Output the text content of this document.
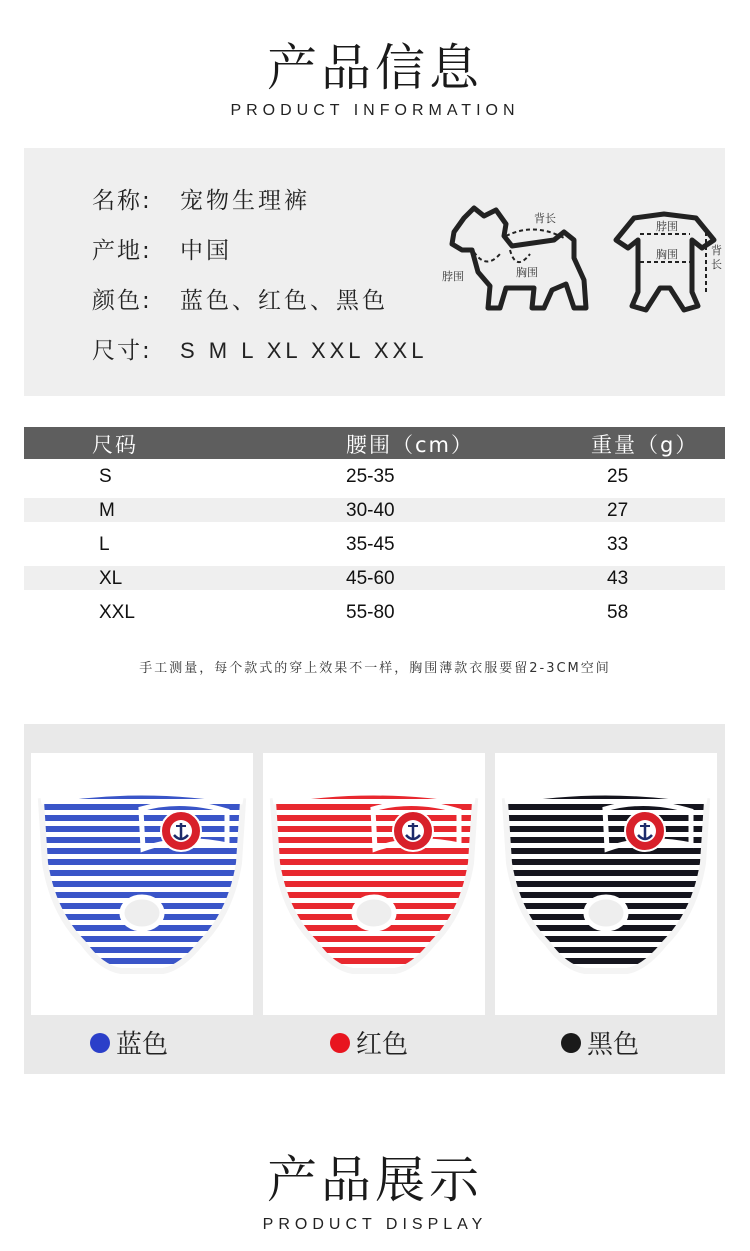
产品信息
PRODUCT INFORMATION
名称:	宠物生理裤
产地:	中国
颜色:	蓝色、红色、黑色
尺寸:	S M L XL XXL XXL
背长
脖围	胸围
脖围
胸围	背
长
尺码	腰围（cm）	重量（g）
S	25-35	25
M	30-40	27
L	35-45	33
XL	45-60	43
XXL	55-80	58
手工测量，每个款式的穿上效果不一样，胸围薄款衣服要留2-3CM空间
蓝色	红色	黑色
产品展示
PRODUCT DISPLAY
